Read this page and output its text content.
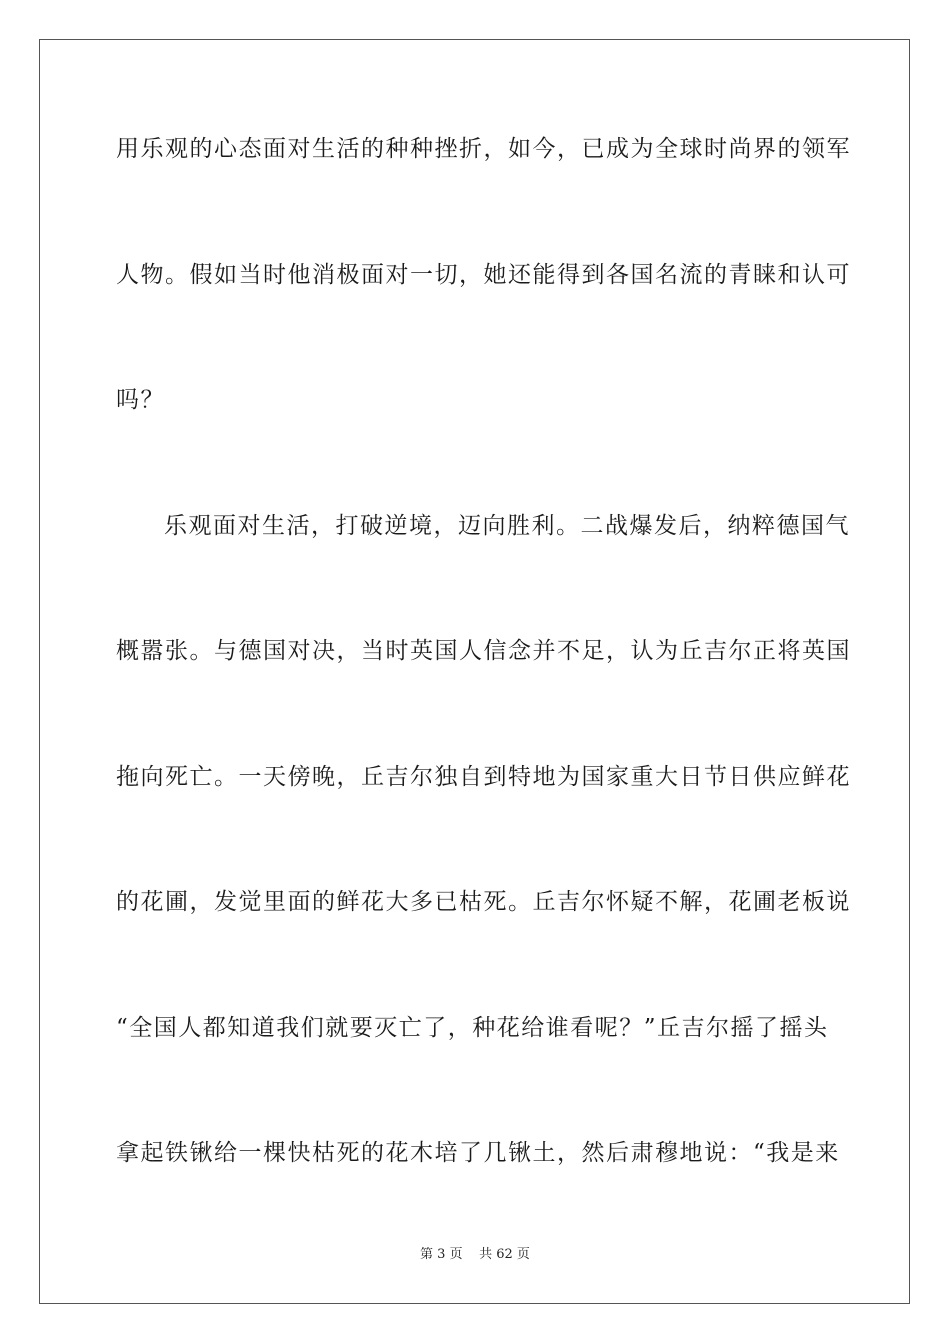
用乐观的心态面对生活的种种挫折，如今，已成为全球时尚界的领军
人物。假如当时他消极面对一切，她还能得到各国名流的青睐和认可
吗？
乐观面对生活，打破逆境，迈向胜利。二战爆发后，纳粹德国气
概嚣张。与德国对决，当时英国人信念并不足，认为丘吉尔正将英国
拖向死亡。一天傍晚，丘吉尔独自到特地为国家重大日节日供应鲜花
的花圃，发觉里面的鲜花大多已枯死。丘吉尔怀疑不解，花圃老板说
“全国人都知道我们就要灭亡了，种花给谁看呢？”丘吉尔摇了摇头
拿起铁锹给一棵快枯死的花木培了几锹土，然后肃穆地说：“我是来
第 3 页 共 62 页
